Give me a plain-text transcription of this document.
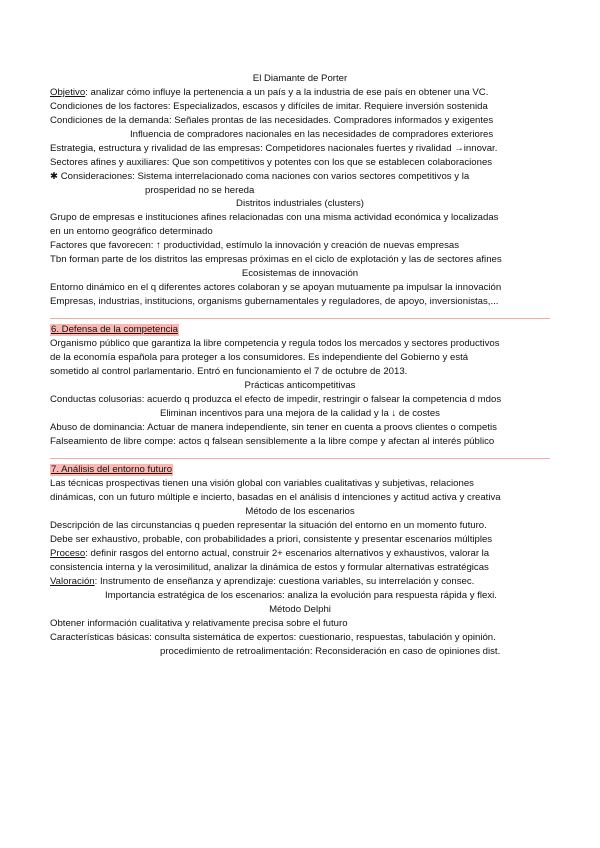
El Diamante de Porter
Objetivo: analizar cómo influye la pertenencia a un país y a la industria de ese país en obtener una VC.
Condiciones de los factores: Especializados, escasos y difíciles de imitar. Requiere inversión sostenida
Condiciones de la demanda: Señales prontas de las necesidades. Compradores informados y exigentes
Influencia de compradores nacionales en las necesidades de compradores exteriores
Estrategia, estructura y rivalidad de las empresas: Competidores nacionales fuertes y rivalidad →innovar.
Sectores afines y auxiliares: Que son competitivos y potentes con los que se establecen colaboraciones
✱ Consideraciones: Sistema interrelacionado coma naciones con varios sectores competitivos y la
prosperidad no se hereda
Distritos industriales (clusters)
Grupo de empresas e instituciones afines relacionadas con una misma actividad económica y localizadas
en un entorno geográfico determinado
Factores que favorecen: ↑ productividad, estímulo la innovación y creación de nuevas empresas
Tbn forman parte de los distritos las empresas próximas en el ciclo de explotación y las de sectores afines
Ecosistemas de innovación
Entorno dinámico en el q diferentes actores colaboran y se apoyan mutuamente pa impulsar la innovación
Empresas, industrias, institucions, organisms gubernamentales y reguladores, de apoyo, inversionistas,...
6. Defensa de la competencia
Organismo público que garantiza la libre competencia y regula todos los mercados y sectores productivos
de la economía española para proteger a los consumidores. Es independiente del Gobierno y está
sometido al control parlamentario. Entró en funcionamiento el 7 de octubre de 2013.
Prácticas anticompetitivas
Conductas colusorias: acuerdo q produzca el efecto de impedir, restringir o falsear la competencia d mdos
Eliminan incentivos para una mejora de la calidad y la ↓ de costes
Abuso de dominancia: Actuar de manera independiente, sin tener en cuenta a proovs clientes o competis
Falseamiento de libre compe: actos q falsean sensiblemente a la libre compe y afectan al interés público
7. Análisis del entorno futuro
Las técnicas prospectivas tienen una visión global con variables cualitativas y subjetivas, relaciones
dinámicas, con un futuro múltiple e incierto, basadas en el análisis d intenciones y actitud activa y creativa
Método de los escenarios
Descripción de las circunstancias q pueden representar la situación del entorno en un momento futuro.
Debe ser exhaustivo, probable, con probabilidades a priori, consistente y presentar escenarios múltiples
Proceso: definir rasgos del entorno actual, construir 2+ escenarios alternativos y exhaustivos, valorar la
consistencia interna y la verosimilitud, analizar la dinámica de estos y formular alternativas estratégicas
Valoración: Instrumento de enseñanza y aprendizaje: cuestiona variables, su interrelación y consec.
Importancia estratégica de los escenarios: analiza la evolución para respuesta rápida y flexi.
Método Delphi
Obtener información cualitativa y relativamente precisa sobre el futuro
Características básicas: consulta sistemática de expertos: cuestionario, respuestas, tabulación y opinión.
procedimiento de retroalimentación: Reconsideración en caso de opiniones dist.
